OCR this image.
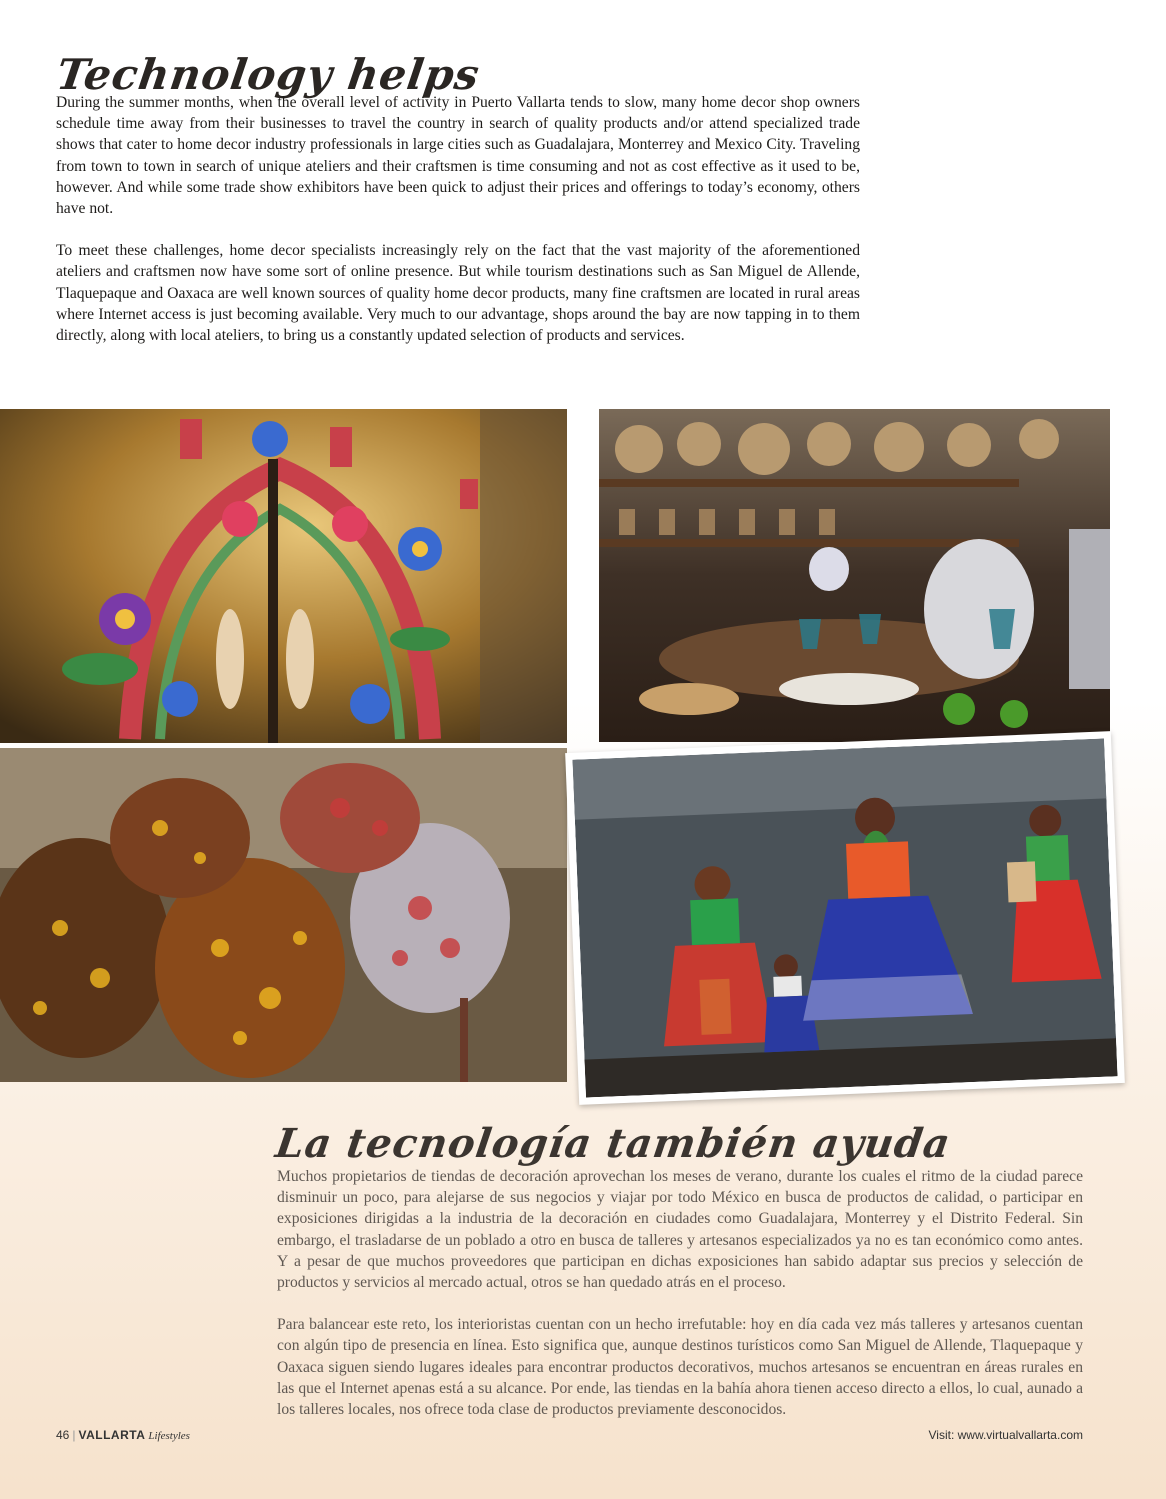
Technology helps

During the summer months, when the overall level of activity in Puerto Vallarta tends to slow, many home decor shop owners schedule time away from their businesses to travel the country in search of quality products and/or attend specialized trade shows that cater to home decor industry professionals in large cities such as Guadalajara, Monterrey and Mexico City. Traveling from town to town in search of unique ateliers and their craftsmen is time consuming and not as cost effective as it used to be, however. And while some trade show exhibitors have been quick to adjust their prices and offerings to today’s economy, others have not.

To meet these challenges, home decor specialists increasingly rely on the fact that the vast majority of the aforementioned ateliers and craftsmen now have some sort of online presence. But while tourism destinations such as San Miguel de Allende, Tlaquepaque and Oaxaca are well known sources of quality home decor products, many fine craftsmen are located in rural areas where Internet access is just becoming available. Very much to our advantage, shops around the bay are now tapping in to them directly, along with local ateliers, to bring us a constantly updated selection of products and services.

La tecnología también ayuda

Muchos propietarios de tiendas de decoración aprovechan los meses de verano, durante los cuales el ritmo de la ciudad parece disminuir un poco, para alejarse de sus negocios y viajar por todo México en busca de productos de calidad, o participar en exposiciones dirigidas a la industria de la decoración en ciudades como Guadalajara, Monterrey y el Distrito Federal. Sin embargo, el trasladarse de un poblado a otro en busca de talleres y artesanos especializados ya no es tan económico como antes. Y a pesar de que muchos proveedores que participan en dichas exposiciones han sabido adaptar sus precios y selección de productos y servicios al mercado actual, otros se han quedado atrás en el proceso.

Para balancear este reto, los interioristas cuentan con un hecho irrefutable: hoy en día cada vez más talleres y artesanos cuentan con algún tipo de presencia en línea. Esto significa que, aunque destinos turísticos como San Miguel de Allende, Tlaquepaque y Oaxaca siguen siendo lugares ideales para encontrar productos decorativos, muchos artesanos se encuentran en áreas rurales en las que el Internet apenas está a su alcance. Por ende, las tiendas en la bahía ahora tienen acceso directo a ellos, lo cual, aunado a los talleres locales, nos ofrece toda clase de productos previamente desconocidos.

46 | VALLARTA Lifestyles	Visit: www.virtualvallarta.com
